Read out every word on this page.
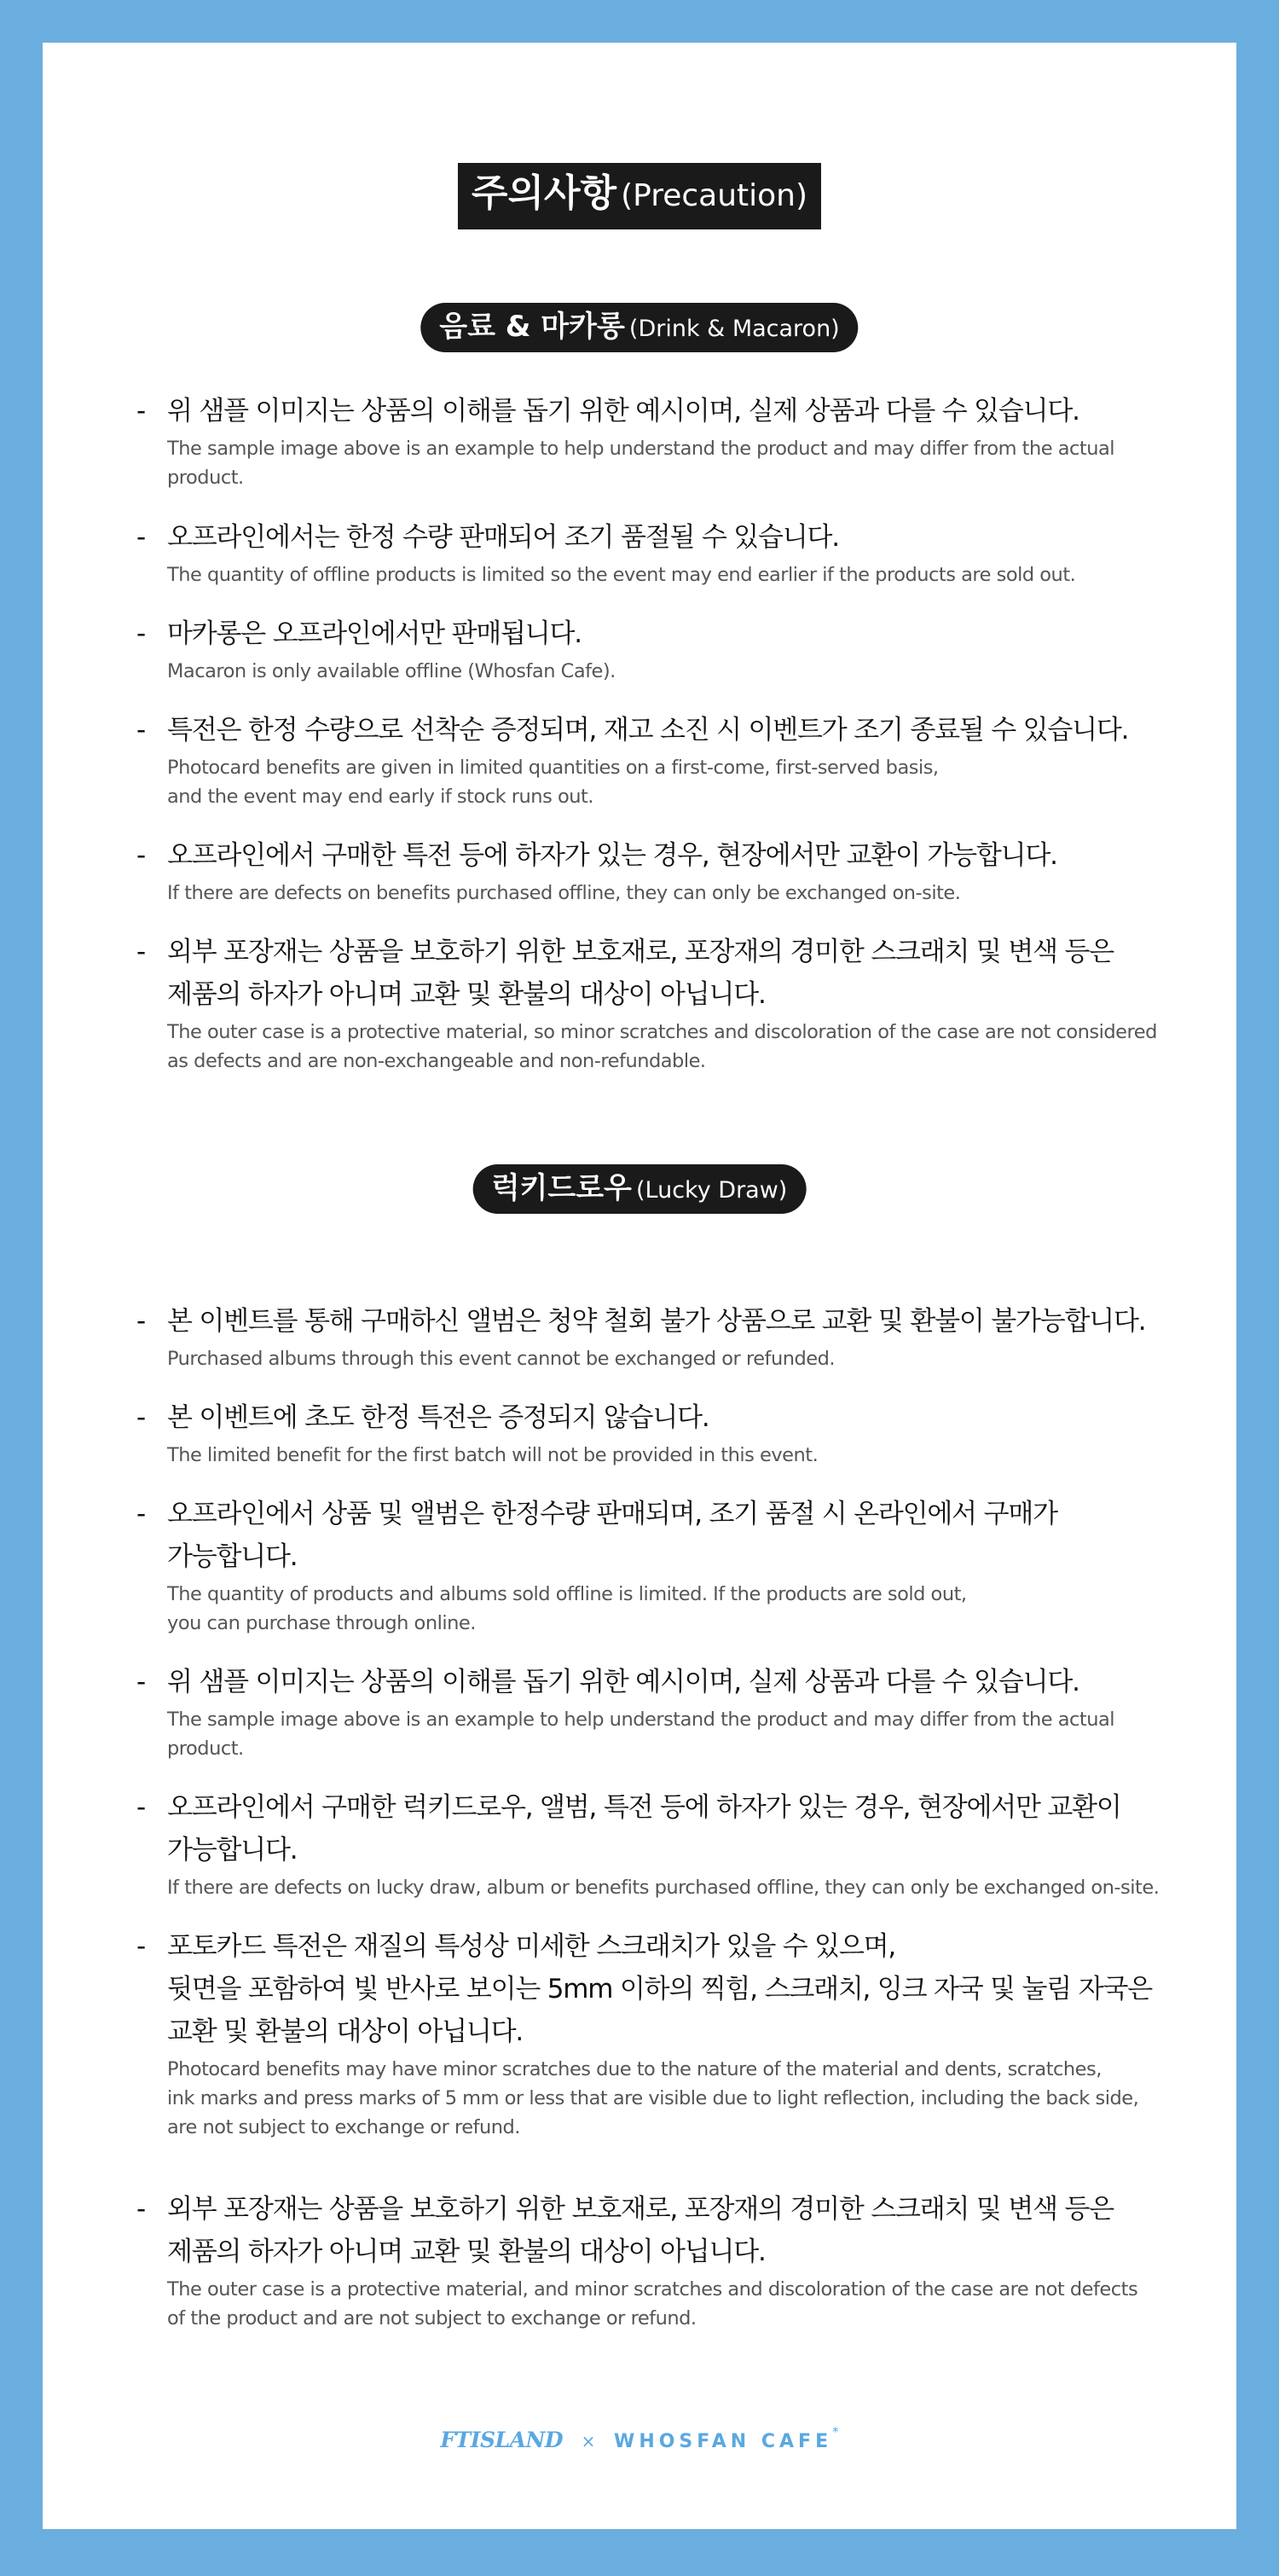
주의사항 (Precaution)
음료 & 마카롱 (Drink & Macaron)
- 위 샘플 이미지는 상품의 이해를 돕기 위한 예시이며, 실제 상품과 다를 수 있습니다.
The sample image above is an example to help understand the product and may differ from the actual
product.
- 오프라인에서는 한정 수량 판매되어 조기 품절될 수 있습니다.
The quantity of offline products is limited so the event may end earlier if the products are sold out.
- 마카롱은 오프라인에서만 판매됩니다.
Macaron is only available offline (Whosfan Cafe).
- 특전은 한정 수량으로 선착순 증정되며, 재고 소진 시 이벤트가 조기 종료될 수 있습니다.
Photocard benefits are given in limited quantities on a first-come, first-served basis,
and the event may end early if stock runs out.
- 오프라인에서 구매한 특전 등에 하자가 있는 경우, 현장에서만 교환이 가능합니다.
If there are defects on benefits purchased offline, they can only be exchanged on-site.
- 외부 포장재는 상품을 보호하기 위한 보호재로, 포장재의 경미한 스크래치 및 변색 등은
제품의 하자가 아니며 교환 및 환불의 대상이 아닙니다.
The outer case is a protective material, so minor scratches and discoloration of the case are not considered
as defects and are non-exchangeable and non-refundable.
럭키드로우 (Lucky Draw)
- 본 이벤트를 통해 구매하신 앨범은 청약 철회 불가 상품으로 교환 및 환불이 불가능합니다.
Purchased albums through this event cannot be exchanged or refunded.
- 본 이벤트에 초도 한정 특전은 증정되지 않습니다.
The limited benefit for the first batch will not be provided in this event.
- 오프라인에서 상품 및 앨범은 한정수량 판매되며, 조기 품절 시 온라인에서 구매가
가능합니다.
The quantity of products and albums sold offline is limited. If the products are sold out,
you can purchase through online.
- 위 샘플 이미지는 상품의 이해를 돕기 위한 예시이며, 실제 상품과 다를 수 있습니다.
The sample image above is an example to help understand the product and may differ from the actual
product.
- 오프라인에서 구매한 럭키드로우, 앨범, 특전 등에 하자가 있는 경우, 현장에서만 교환이
가능합니다.
If there are defects on lucky draw, album or benefits purchased offline, they can only be exchanged on-site.
- 포토카드 특전은 재질의 특성상 미세한 스크래치가 있을 수 있으며,
뒷면을 포함하여 빛 반사로 보이는 5mm 이하의 찍힘, 스크래치, 잉크 자국 및 눌림 자국은
교환 및 환불의 대상이 아닙니다.
Photocard benefits may have minor scratches due to the nature of the material and dents, scratches,
ink marks and press marks of 5 mm or less that are visible due to light reflection, including the back side,
are not subject to exchange or refund.
- 외부 포장재는 상품을 보호하기 위한 보호재로, 포장재의 경미한 스크래치 및 변색 등은
제품의 하자가 아니며 교환 및 환불의 대상이 아닙니다.
The outer case is a protective material, and minor scratches and discoloration of the case are not defects
of the product and are not subject to exchange or refund.
FTISLAND × WHOSFAN CAFE*
